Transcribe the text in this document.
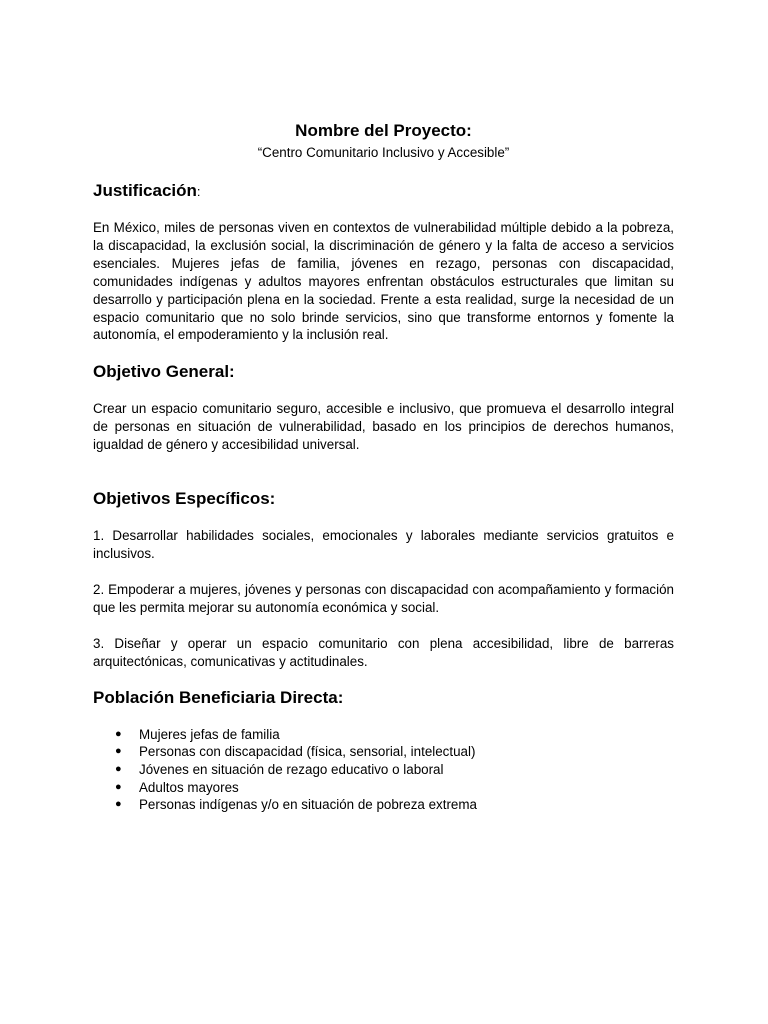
Nombre del Proyecto:
“Centro Comunitario Inclusivo y Accesible”
Justificación:

En México, miles de personas viven en contextos de vulnerabilidad múltiple debido a la pobreza, la discapacidad, la exclusión social, la discriminación de género y la falta de acceso a servicios esenciales. Mujeres jefas de familia, jóvenes en rezago, personas con discapacidad, comunidades indígenas y adultos mayores enfrentan obstáculos estructurales que limitan su desarrollo y participación plena en la sociedad. Frente a esta realidad, surge la necesidad de un espacio comunitario que no solo brinde servicios, sino que transforme entornos y fomente la autonomía, el empoderamiento y la inclusión real.

Objetivo General:

Crear un espacio comunitario seguro, accesible e inclusivo, que promueva el desarrollo integral de personas en situación de vulnerabilidad, basado en los principios de derechos humanos, igualdad de género y accesibilidad universal.

Objetivos Específicos:

1. Desarrollar habilidades sociales, emocionales y laborales mediante servicios gratuitos e inclusivos.

2. Empoderar a mujeres, jóvenes y personas con discapacidad con acompañamiento y formación que les permita mejorar su autonomía económica y social.

3. Diseñar y operar un espacio comunitario con plena accesibilidad, libre de barreras arquitectónicas, comunicativas y actitudinales.

Población Beneficiaria Directa:
● Mujeres jefas de familia
● Personas con discapacidad (física, sensorial, intelectual)
● Jóvenes en situación de rezago educativo o laboral
● Adultos mayores
● Personas indígenas y/o en situación de pobreza extrema
